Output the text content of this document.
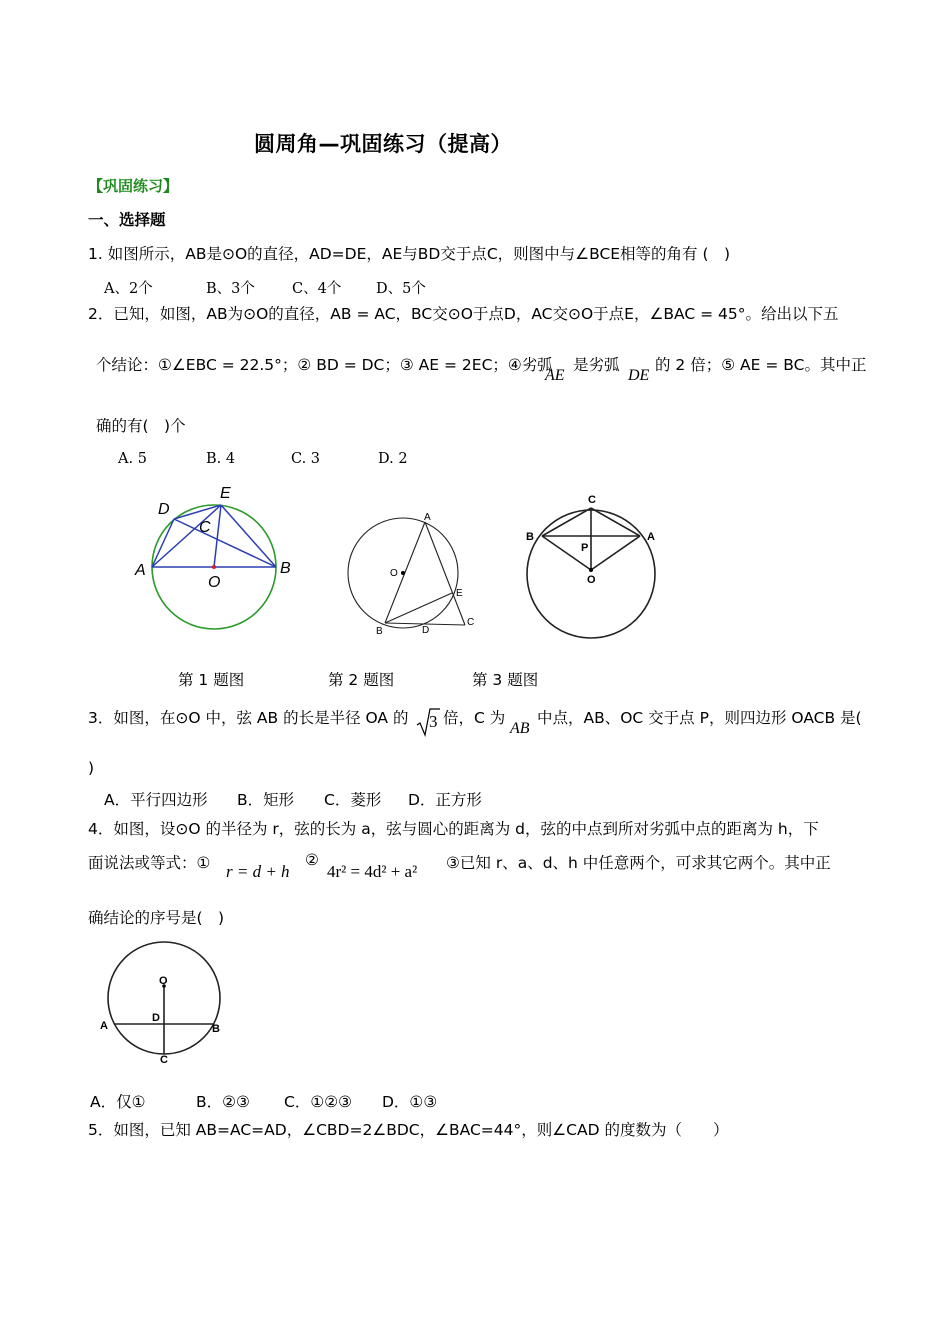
圆周角—巩固练习（提高）
【巩固练习】
一、选择题
1. 如图所示，AB是⊙O的直径，AD=DE，AE与BD交于点C，则图中与∠BCE相等的角有 (　)
A、2个	B、3个	C、4个 D、5个
2．已知，如图，AB为⊙O的直径，AB = AC，BC交⊙O于点D，AC交⊙O于点E，∠BAC = 45°。给出以下五
个结论：①∠EBC = 22.5°；② BD = DC；③ AE = 2EC；④劣弧
AE
是劣弧
DE
的 2 倍；⑤ AE = BC。其中正
确的有(　)个
A. 5	B. 4	C. 3	D. 2
D
E
C
A
O
B
A
O
E
B	D
C
C
B	A
P
O
第 1 题图	第 2 题图	第 3 题图
3．如图，在⊙O 中，弦 AB 的长是半径 OA 的 3 倍，C 为
AB
中点，AB、OC 交于点 P，则四边形 OACB 是(
)
A．平行四边形 B．矩形 C．菱形 D．正方形
4．如图，设⊙O 的半径为 r，弦的长为 a，弦与圆心的距离为 d，弦的中点到所对劣弧中点的距离为 h，下
面说法或等式：① r = d + h
②
4r² = 4d² + a² ③已知 r、a、d、h 中任意两个，可求其它两个。其中正
确结论的序号是(　)
O
D
A	B
C
A．仅①	B．②③ C．①②③ D．①③
5．如图，已知 AB=AC=AD，∠CBD=2∠BDC，∠BAC=44°，则∠CAD 的度数为（　　）
